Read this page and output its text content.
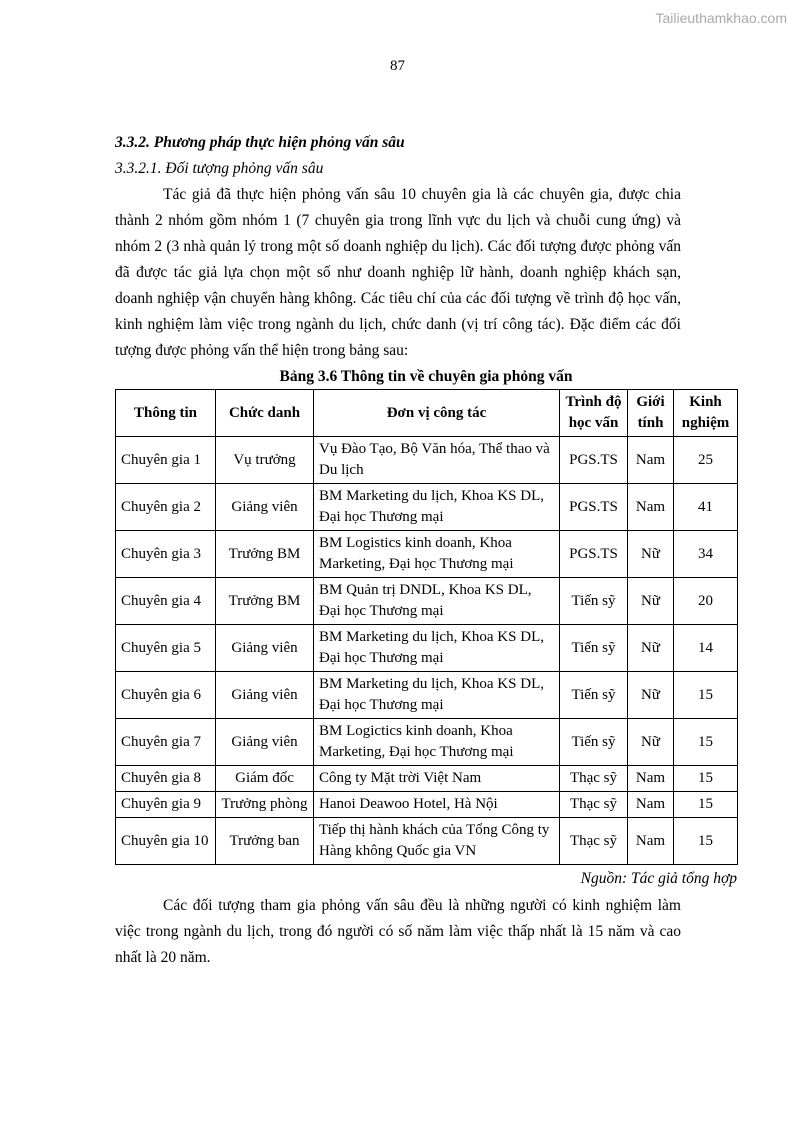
Tailieuthamkhao.com
87
3.3.2. Phương pháp thực hiện phỏng vấn sâu
3.3.2.1. Đối tượng phỏng vấn sâu

Tác giả đã thực hiện phỏng vấn sâu 10 chuyên gia là các chuyên gia, được chia thành 2 nhóm gồm nhóm 1 (7 chuyên gia trong lĩnh vực du lịch và chuỗi cung ứng) và nhóm 2 (3 nhà quản lý trong một số doanh nghiệp du lịch). Các đối tượng được phỏng vấn đã được tác giả lựa chọn một số như doanh nghiệp lữ hành, doanh nghiệp khách sạn, doanh nghiệp vận chuyển hàng không. Các tiêu chí của các đối tượng về trình độ học vấn, kinh nghiệm làm việc trong ngành du lịch, chức danh (vị trí công tác). Đặc điểm các đối tượng được phỏng vấn thể hiện trong bảng sau:

Bảng 3.6 Thông tin về chuyên gia phỏng vấn
Thông tin	Chức danh	Đơn vị công tác	Trình độ học vấn	Giới tính	Kinh nghiệm
Chuyên gia 1	Vụ trưởng	Vụ Đào Tạo, Bộ Văn hóa, Thể thao và Du lịch	PGS.TS	Nam	25
Chuyên gia 2	Giảng viên	BM Marketing du lịch, Khoa KS DL, Đại học Thương mại	PGS.TS	Nam	41
Chuyên gia 3	Trưởng BM	BM Logistics kinh doanh, Khoa Marketing, Đại học Thương mại	PGS.TS	Nữ	34
Chuyên gia 4	Trưởng BM	BM Quản trị DNDL, Khoa KS DL, Đại học Thương mại	Tiến sỹ	Nữ	20
Chuyên gia 5	Giảng viên	BM Marketing du lịch, Khoa KS DL, Đại học Thương mại	Tiến sỹ	Nữ	14
Chuyên gia 6	Giảng viên	BM Marketing du lịch, Khoa KS DL, Đại học Thương mại	Tiến sỹ	Nữ	15
Chuyên gia 7	Giảng viên	BM Logictics kinh doanh, Khoa Marketing, Đại học Thương mại	Tiến sỹ	Nữ	15
Chuyên gia 8	Giám đốc	Công ty Mặt trời Việt Nam	Thạc sỹ	Nam	15
Chuyên gia 9	Trưởng phòng	Hanoi Deawoo Hotel, Hà Nội	Thạc sỹ	Nam	15
Chuyên gia 10	Trưởng ban	Tiếp thị hành khách của Tổng Công ty Hàng không Quốc gia VN	Thạc sỹ	Nam	15
Nguồn: Tác giả tổng hợp

Các đối tượng tham gia phỏng vấn sâu đều là những người có kinh nghiệm làm việc trong ngành du lịch, trong đó người có số năm làm việc thấp nhất là 15 năm và cao nhất là 20 năm.
